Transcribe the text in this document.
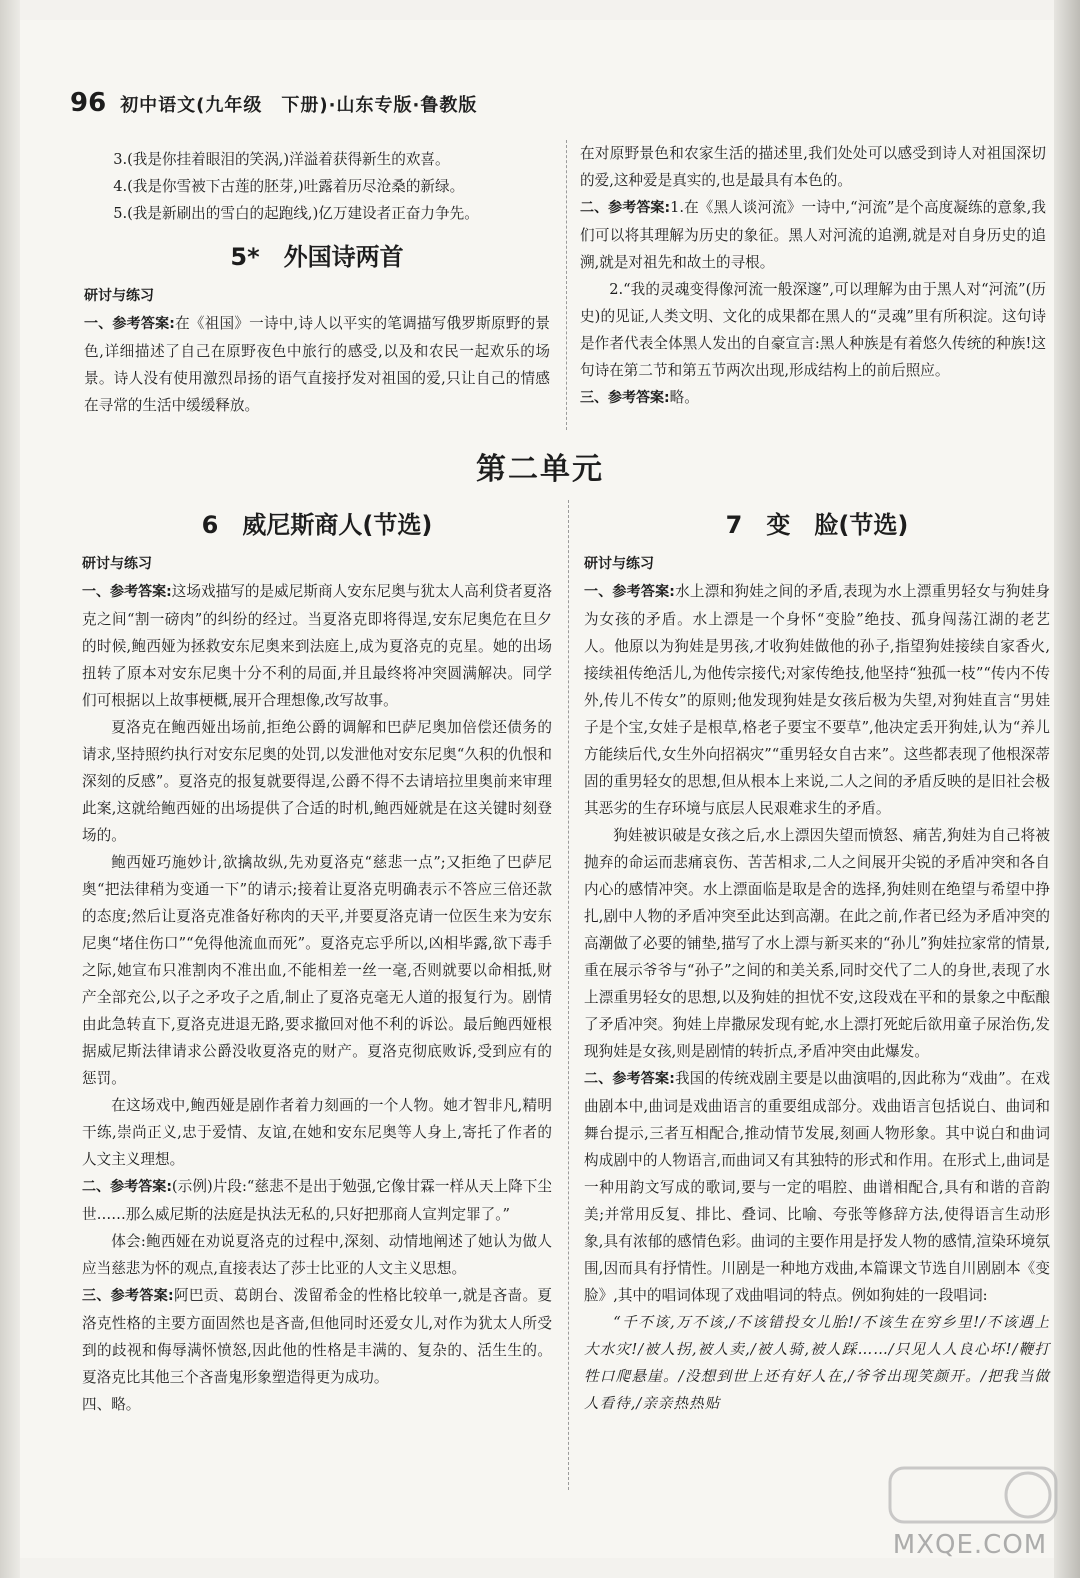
96 初中语文(九年级　下册)·山东专版·鲁教版

3.(我是你挂着眼泪的笑涡,)洋溢着获得新生的欢喜。

4.(我是你雪被下古莲的胚芽,)吐露着历尽沧桑的新绿。

5.(我是新刷出的雪白的起跑线,)亿万建设者正奋力争先。

5*　外国诗两首
研讨与练习

一、参考答案:在《祖国》一诗中,诗人以平实的笔调描写俄罗斯原野的景色,详细描述了自己在原野夜色中旅行的感受,以及和农民一起欢乐的场景。诗人没有使用激烈昂扬的语气直接抒发对祖国的爱,只让自己的情感在寻常的生活中缓缓释放。

在对原野景色和农家生活的描述里,我们处处可以感受到诗人对祖国深切的爱,这种爱是真实的,也是最具有本色的。

二、参考答案:1.在《黑人谈河流》一诗中,“河流”是个高度凝练的意象,我们可以将其理解为历史的象征。黑人对河流的追溯,就是对自身历史的追溯,就是对祖先和故土的寻根。

2.“我的灵魂变得像河流一般深邃”,可以理解为由于黑人对“河流”(历史)的见证,人类文明、文化的成果都在黑人的“灵魂”里有所积淀。这句诗是作者代表全体黑人发出的自豪宣言:黑人种族是有着悠久传统的种族!这句诗在第二节和第五节两次出现,形成结构上的前后照应。

三、参考答案:略。

第二单元
6　威尼斯商人(节选)
研讨与练习

一、参考答案:这场戏描写的是威尼斯商人安东尼奥与犹太人高利贷者夏洛克之间“割一磅肉”的纠纷的经过。当夏洛克即将得逞,安东尼奥危在旦夕的时候,鲍西娅为拯救安东尼奥来到法庭上,成为夏洛克的克星。她的出场扭转了原本对安东尼奥十分不利的局面,并且最终将冲突圆满解决。同学们可根据以上故事梗概,展开合理想像,改写故事。

夏洛克在鲍西娅出场前,拒绝公爵的调解和巴萨尼奥加倍偿还债务的请求,坚持照约执行对安东尼奥的处罚,以发泄他对安东尼奥“久积的仇恨和深刻的反感”。夏洛克的报复就要得逞,公爵不得不去请培拉里奥前来审理此案,这就给鲍西娅的出场提供了合适的时机,鲍西娅就是在这关键时刻登场的。

鲍西娅巧施妙计,欲擒故纵,先劝夏洛克“慈悲一点”;又拒绝了巴萨尼奥“把法律稍为变通一下”的请示;接着让夏洛克明确表示不答应三倍还款的态度;然后让夏洛克准备好称肉的天平,并要夏洛克请一位医生来为安东尼奥“堵住伤口”“免得他流血而死”。夏洛克忘乎所以,凶相毕露,欲下毒手之际,她宣布只准割肉不准出血,不能相差一丝一毫,否则就要以命相抵,财产全部充公,以子之矛攻子之盾,制止了夏洛克毫无人道的报复行为。剧情由此急转直下,夏洛克进退无路,要求撤回对他不利的诉讼。最后鲍西娅根据威尼斯法律请求公爵没收夏洛克的财产。夏洛克彻底败诉,受到应有的惩罚。

在这场戏中,鲍西娅是剧作者着力刻画的一个人物。她才智非凡,精明干练,崇尚正义,忠于爱情、友谊,在她和安东尼奥等人身上,寄托了作者的人文主义理想。

二、参考答案:(示例)片段:“慈悲不是出于勉强,它像甘霖一样从天上降下尘世……那么威尼斯的法庭是执法无私的,只好把那商人宣判定罪了。”

体会:鲍西娅在劝说夏洛克的过程中,深刻、动情地阐述了她认为做人应当慈悲为怀的观点,直接表达了莎士比亚的人文主义思想。

三、参考答案:阿巴贡、葛朗台、泼留希金的性格比较单一,就是吝啬。夏洛克性格的主要方面固然也是吝啬,但他同时还爱女儿,对作为犹太人所受到的歧视和侮辱满怀愤怒,因此他的性格是丰满的、复杂的、活生生的。夏洛克比其他三个吝啬鬼形象塑造得更为成功。

四、略。

7　变　脸(节选)
研讨与练习

一、参考答案:水上漂和狗娃之间的矛盾,表现为水上漂重男轻女与狗娃身为女孩的矛盾。水上漂是一个身怀“变脸”绝技、孤身闯荡江湖的老艺人。他原以为狗娃是男孩,才收狗娃做他的孙子,指望狗娃接续自家香火,接续祖传绝活儿,为他传宗接代;对家传绝技,他坚持“独孤一枝”“传内不传外,传儿不传女”的原则;他发现狗娃是女孩后极为失望,对狗娃直言“男娃子是个宝,女娃子是根草,格老子要宝不要草”,他决定丢开狗娃,认为“养儿方能续后代,女生外向招祸灾”“重男轻女自古来”。这些都表现了他根深蒂固的重男轻女的思想,但从根本上来说,二人之间的矛盾反映的是旧社会极其恶劣的生存环境与底层人民艰难求生的矛盾。

狗娃被识破是女孩之后,水上漂因失望而愤怒、痛苦,狗娃为自己将被抛弃的命运而悲痛哀伤、苦苦相求,二人之间展开尖锐的矛盾冲突和各自内心的感情冲突。水上漂面临是取是舍的选择,狗娃则在绝望与希望中挣扎,剧中人物的矛盾冲突至此达到高潮。在此之前,作者已经为矛盾冲突的高潮做了必要的铺垫,描写了水上漂与新买来的“孙儿”狗娃拉家常的情景,重在展示爷爷与“孙子”之间的和美关系,同时交代了二人的身世,表现了水上漂重男轻女的思想,以及狗娃的担忧不安,这段戏在平和的景象之中酝酿了矛盾冲突。狗娃上岸撒尿发现有蛇,水上漂打死蛇后欲用童子尿治伤,发现狗娃是女孩,则是剧情的转折点,矛盾冲突由此爆发。

二、参考答案:我国的传统戏剧主要是以曲演唱的,因此称为“戏曲”。在戏曲剧本中,曲词是戏曲语言的重要组成部分。戏曲语言包括说白、曲词和舞台提示,三者互相配合,推动情节发展,刻画人物形象。其中说白和曲词构成剧中的人物语言,而曲词又有其独特的形式和作用。在形式上,曲词是一种用韵文写成的歌词,要与一定的唱腔、曲谱相配合,具有和谐的音韵美;并常用反复、排比、叠词、比喻、夸张等修辞方法,使得语言生动形象,具有浓郁的感情色彩。曲词的主要作用是抒发人物的感情,渲染环境氛围,因而具有抒情性。川剧是一种地方戏曲,本篇课文节选自川剧剧本《变脸》,其中的唱词体现了戏曲唱词的特点。例如狗娃的一段唱词:

“千不该,万不该,/不该错投女儿胎!/不该生在穷乡里!/不该遇上大水灾!/被人拐,被人卖,/被人骑,被人踩……/只见人人良心坏!/鞭打牲口爬悬崖。/没想到世上还有好人在,/爷爷出现笑颜开。/把我当做人看待,/亲亲热热贴

MXQE.COM
